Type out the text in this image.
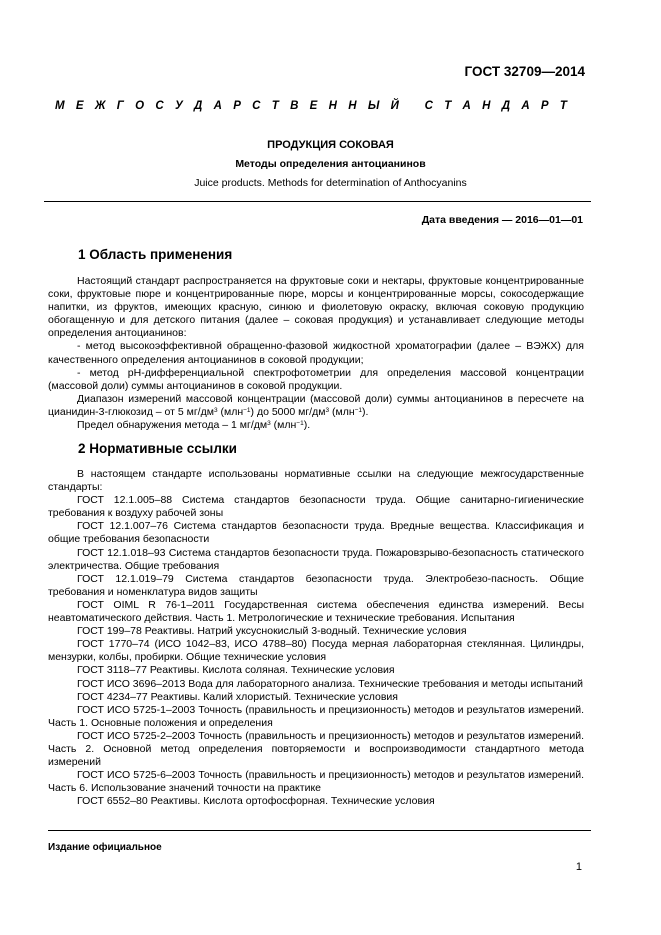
ГОСТ 32709—2014
М Е Ж Г О С У Д А Р С Т В Е Н Н Ы Й
С Т А Н Д А Р Т
ПРОДУКЦИЯ СОКОВАЯ
Методы определения антоцианинов
Juice products. Methods for determination of Anthocyanins
Дата введения — 2016—01—01
1 Область применения

Настоящий стандарт распространяется на фруктовые соки и нектары, фруктовые концентрированные соки, фруктовые пюре и концентрированные пюре, морсы и концентрированные морсы, сокосодержащие напитки, из фруктов, имеющих красную, синюю и фиолетовую окраску, включая соковую продукцию обогащенную и для детского питания (далее – соковая продукция) и устанавливает следующие методы определения антоцианинов:

- метод высокоэффективной обращенно-фазовой жидкостной хроматографии (далее – ВЭЖХ) для качественного определения антоцианинов в соковой продукции;

- метод pH-дифференциальной спектрофотометрии для определения массовой концентрации (массовой доли) суммы антоцианинов в соковой продукции.

Диапазон измерений массовой концентрации (массовой доли) суммы антоцианинов в пересчете на цианидин-3-глюкозид – от 5 $мг/дм^3$ (млн$^{-1}$) до 5000 $мг/дм^3$ (млн$^{-1}$).

Предел обнаружения метода – 1 $мг/дм^3$ (млн$^{-1}$).

2 Нормативные ссылки

В настоящем стандарте использованы нормативные ссылки на следующие межгосударственные стандарты:

ГОСТ 12.1.005–88 Система стандартов безопасности труда. Общие санитарно-гигиенические требования к воздуху рабочей зоны

ГОСТ 12.1.007–76 Система стандартов безопасности труда. Вредные вещества. Классификация и общие требования безопасности

ГОСТ 12.1.018–93 Система стандартов безопасности труда. Пожаровзрыво-безопасность статического электричества. Общие требования

ГОСТ 12.1.019–79 Система стандартов безопасности труда. Электробезо-пасность. Общие требования и номенклатура видов защиты

ГОСТ OIML R 76-1–2011 Государственная система обеспечения единства измерений. Весы неавтоматического действия. Часть 1. Метрологические и технические требования. Испытания

ГОСТ 199–78 Реактивы. Натрий уксуснокислый 3-водный. Технические условия

ГОСТ 1770–74 (ИСО 1042–83, ИСО 4788–80) Посуда мерная лабораторная стеклянная. Цилиндры, мензурки, колбы, пробирки. Общие технические условия

ГОСТ 3118–77 Реактивы. Кислота соляная. Технические условия

ГОСТ ИСО 3696–2013 Вода для лабораторного анализа. Технические требования и методы испытаний

ГОСТ 4234–77 Реактивы. Калий хлористый. Технические условия

ГОСТ ИСО 5725-1–2003 Точность (правильность и прецизионность) методов и результатов измерений. Часть 1. Основные положения и определения

ГОСТ ИСО 5725-2–2003 Точность (правильность и прецизионность) методов и результатов измерений. Часть 2. Основной метод определения повторяемости и воспроизводимости стандартного метода измерений

ГОСТ ИСО 5725-6–2003 Точность (правильность и прецизионность) методов и результатов измерений. Часть 6. Использование значений точности на практике

ГОСТ 6552–80 Реактивы. Кислота ортофосфорная. Технические условия

Издание официальное
1
